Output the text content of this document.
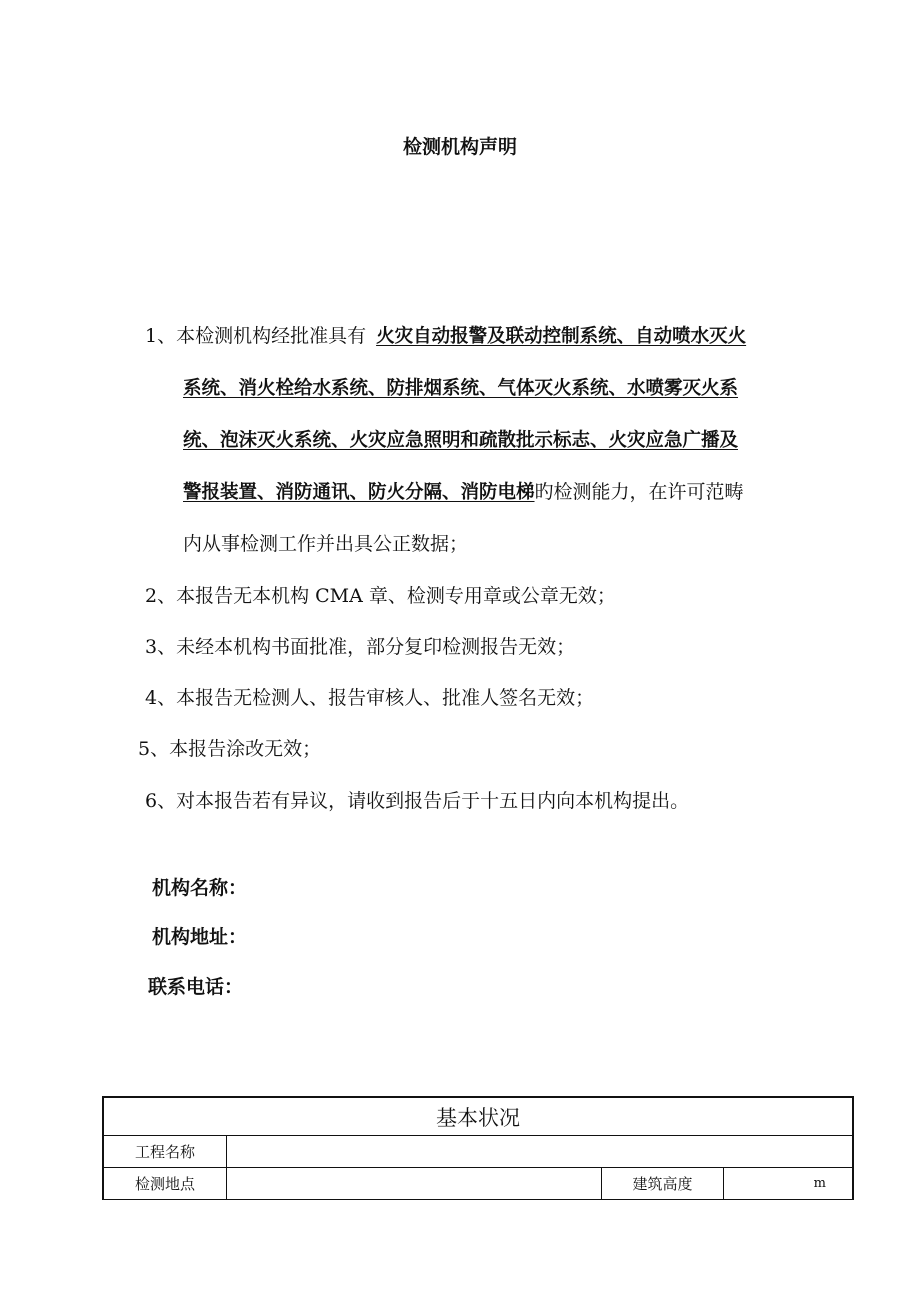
检测机构声明
1、本检测机构经批准具有 火灾自动报警及联动控制系统、自动喷水灭火
系统、消火栓给水系统、防排烟系统、气体灭火系统、水喷雾灭火系
统、泡沫灭火系统、火灾应急照明和疏散批示标志、火灾应急广播及
警报装置、消防通讯、防火分隔、消防电梯旳检测能力，在许可范畴
内从事检测工作并出具公正数据；
2、本报告无本机构 CMA 章、检测专用章或公章无效；
3、未经本机构书面批准，部分复印检测报告无效；
4、本报告无检测人、报告审核人、批准人签名无效；
5、本报告涂改无效；
6、对本报告若有异议，请收到报告后于十五日内向本机构提出。
机构名称：
机构地址：
联系电话：
基本状况			
工程名称			
检测地点		建筑高度	m
